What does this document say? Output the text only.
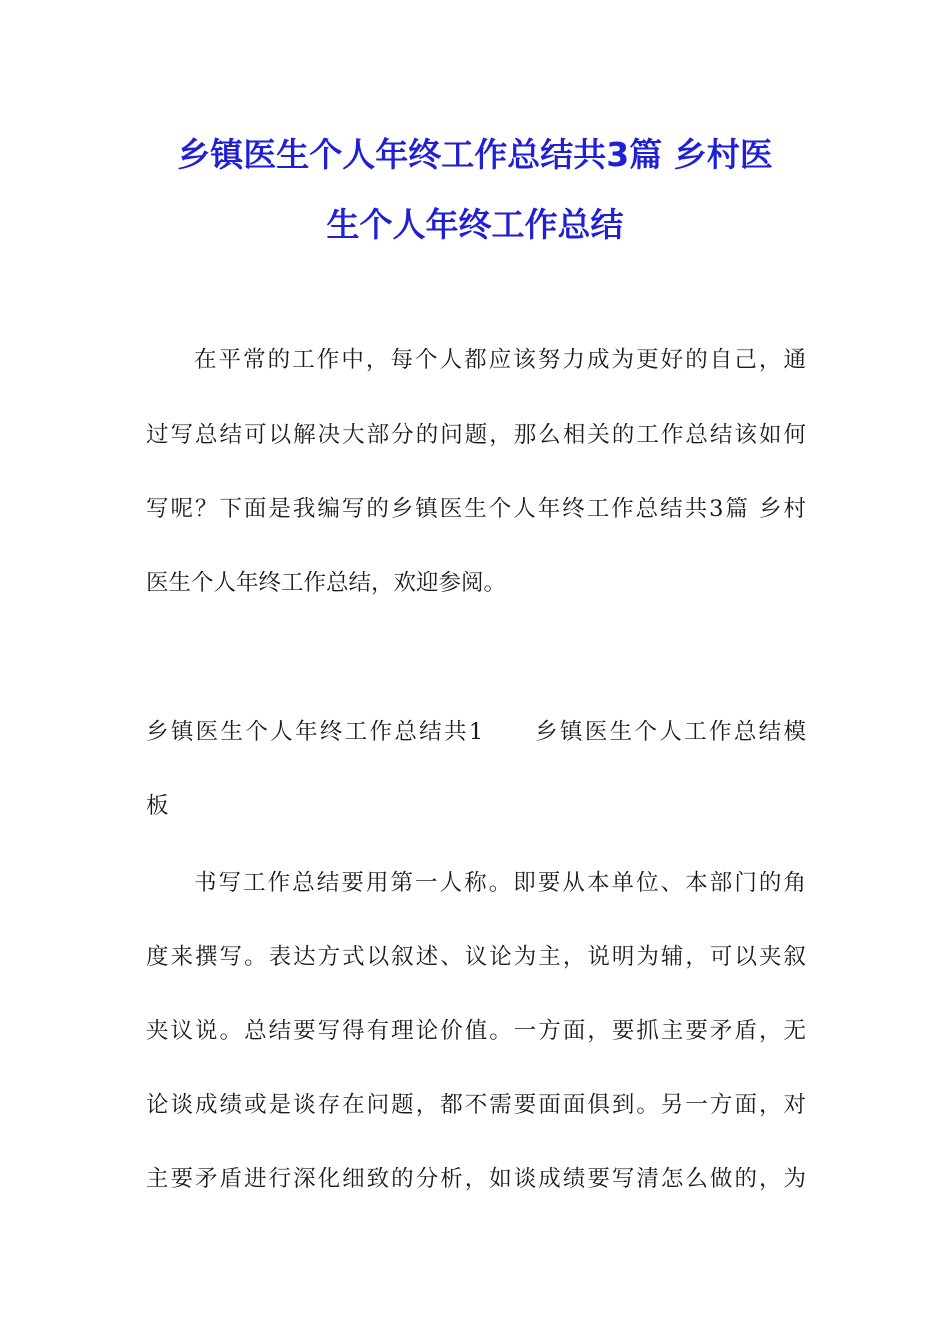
乡镇医生个人年终工作总结共3篇 乡村医
生个人年终工作总结
在平常的工作中，每个人都应该努力成为更好的自己，通
过写总结可以解决大部分的问题，那么相关的工作总结该如何
写呢？下面是我编写的乡镇医生个人年终工作总结共3篇 乡村
医生个人年终工作总结，欢迎参阅。
乡镇医生个人年终工作总结共1　　乡镇医生个人工作总结模
板
书写工作总结要用第一人称。即要从本单位、本部门的角
度来撰写。表达方式以叙述、议论为主，说明为辅，可以夹叙
夹议说。总结要写得有理论价值。一方面，要抓主要矛盾，无
论谈成绩或是谈存在问题，都不需要面面俱到。另一方面，对
主要矛盾进行深化细致的分析，如谈成绩要写清怎么做的，为
